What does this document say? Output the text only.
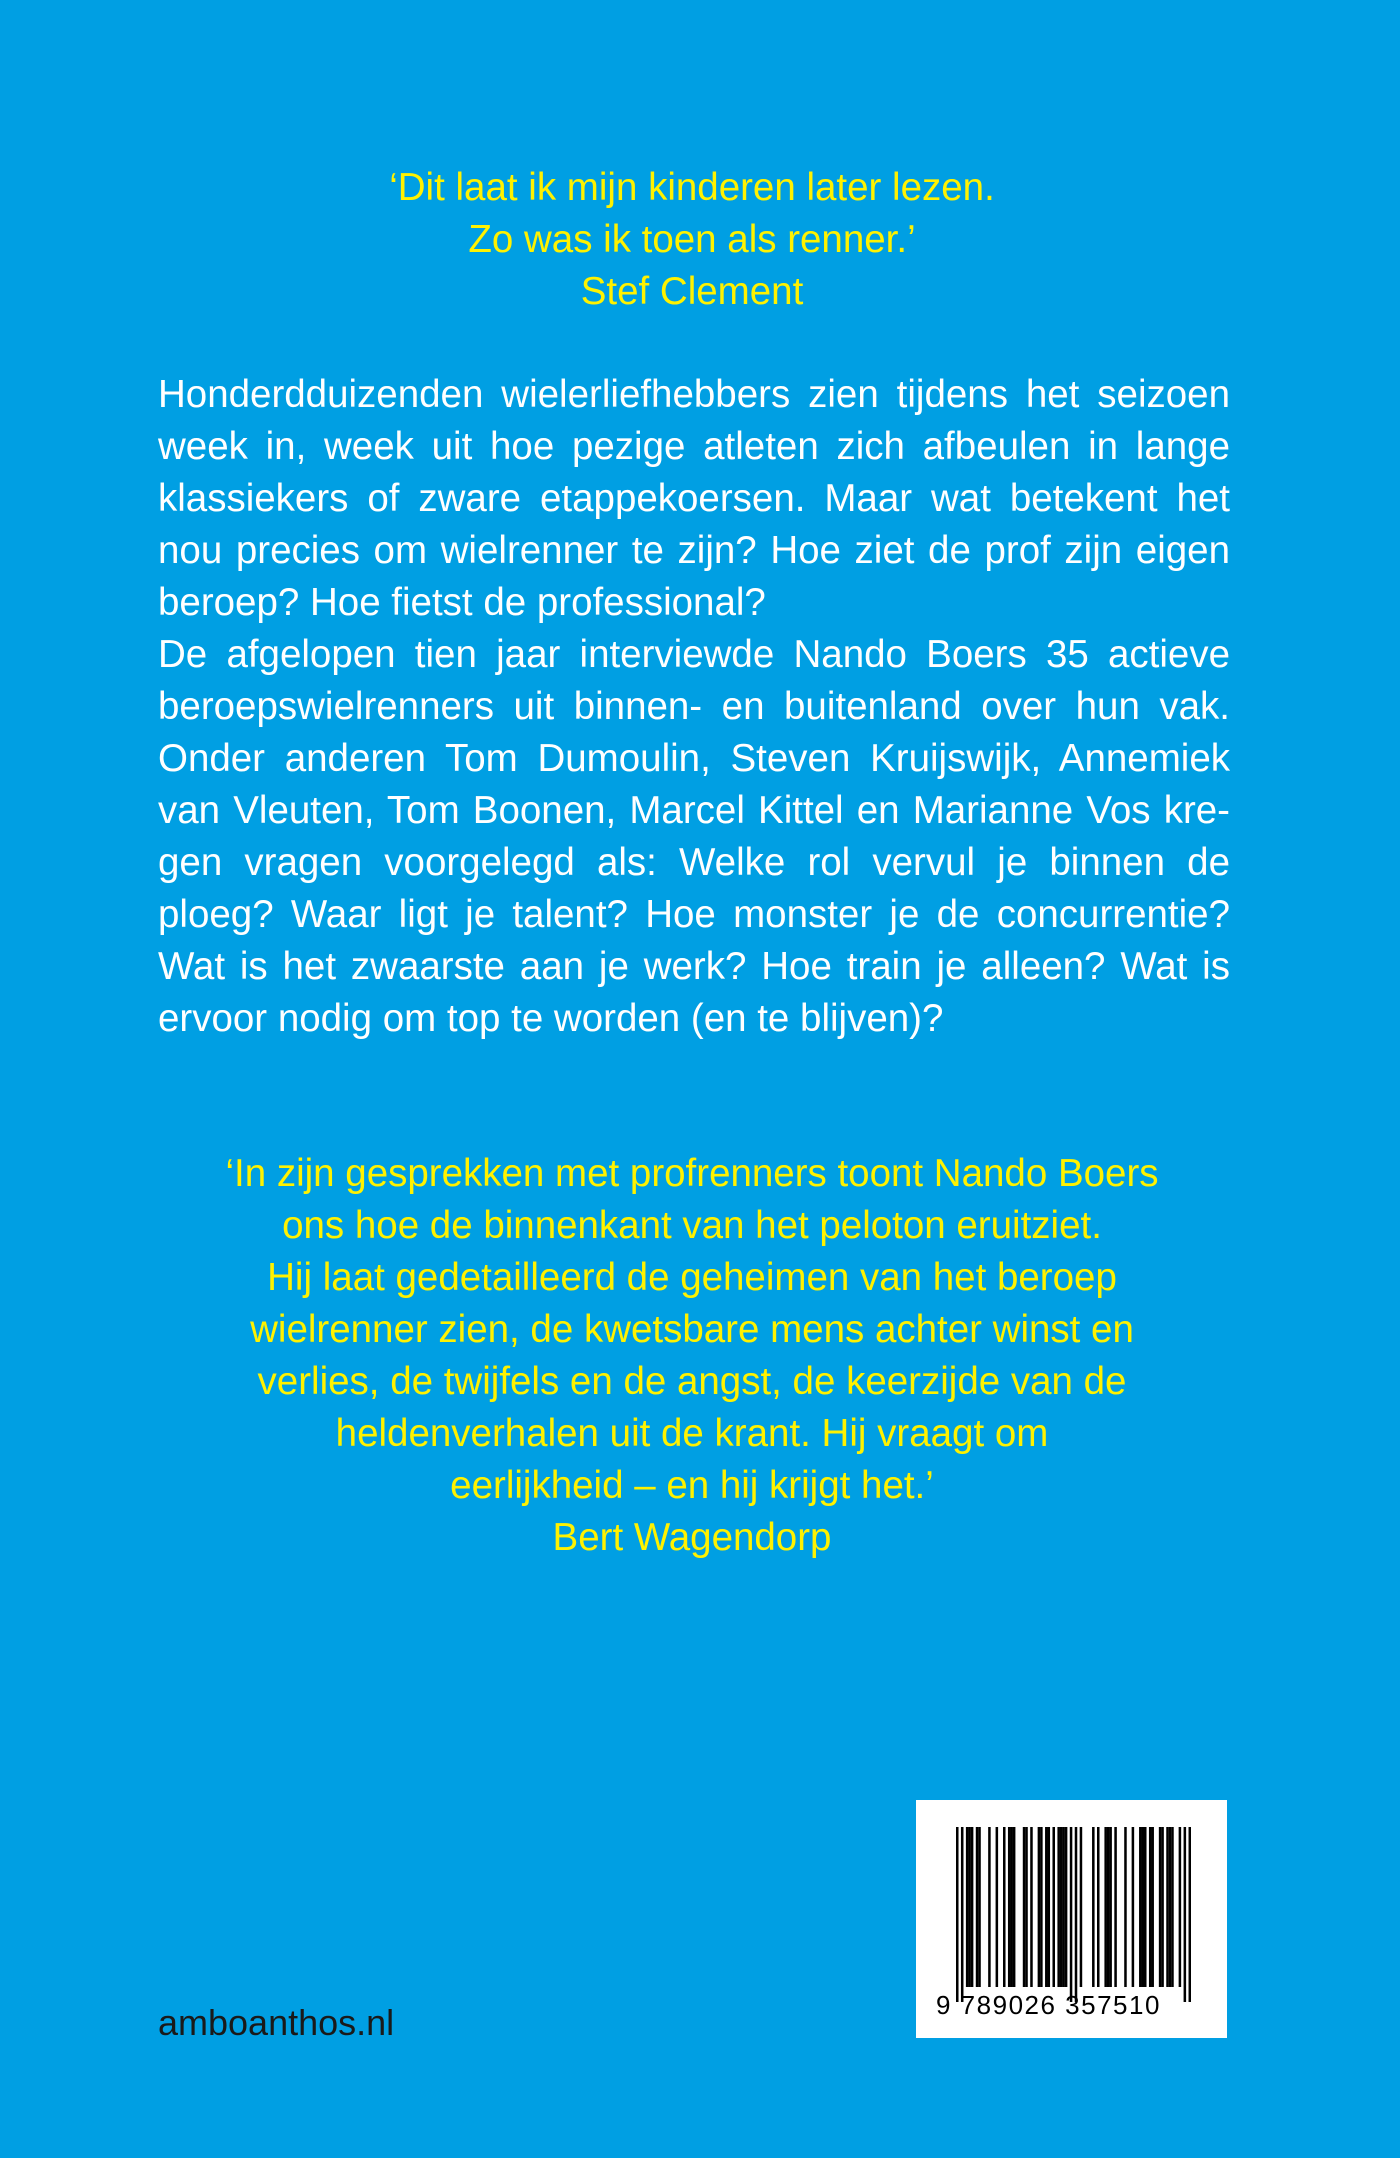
‘Dit laat ik mijn kinderen later lezen.
Zo was ik toen als renner.’
Stef Clement
Honderdduizenden wielerliefhebbers zien tijdens het seizoen
week in, week uit hoe pezige atleten zich afbeulen in lange
klassiekers of zware etappekoersen. Maar wat betekent het
nou precies om wielrenner te zijn? Hoe ziet de prof zijn eigen
beroep? Hoe fietst de professional?
De afgelopen tien jaar interviewde Nando Boers 35 actieve
beroepswielrenners uit binnen- en buitenland over hun vak.
Onder anderen Tom Dumoulin, Steven Kruijswijk, Annemiek
van Vleuten, Tom Boonen, Marcel Kittel en Marianne Vos kre-
gen vragen voorgelegd als: Welke rol vervul je binnen de
ploeg? Waar ligt je talent? Hoe monster je de concurrentie?
Wat is het zwaarste aan je werk? Hoe train je alleen? Wat is
ervoor nodig om top te worden (en te blijven)?
‘In zijn gesprekken met profrenners toont Nando Boers
ons hoe de binnenkant van het peloton eruitziet.
Hij laat gedetailleerd de geheimen van het beroep
wielrenner zien, de kwetsbare mens achter winst en
verlies, de twijfels en de angst, de keerzijde van de
heldenverhalen uit de krant. Hij vraagt om
eerlijkheid – en hij krijgt het.’
Bert Wagendorp
amboanthos.nl	9 789026 357510
